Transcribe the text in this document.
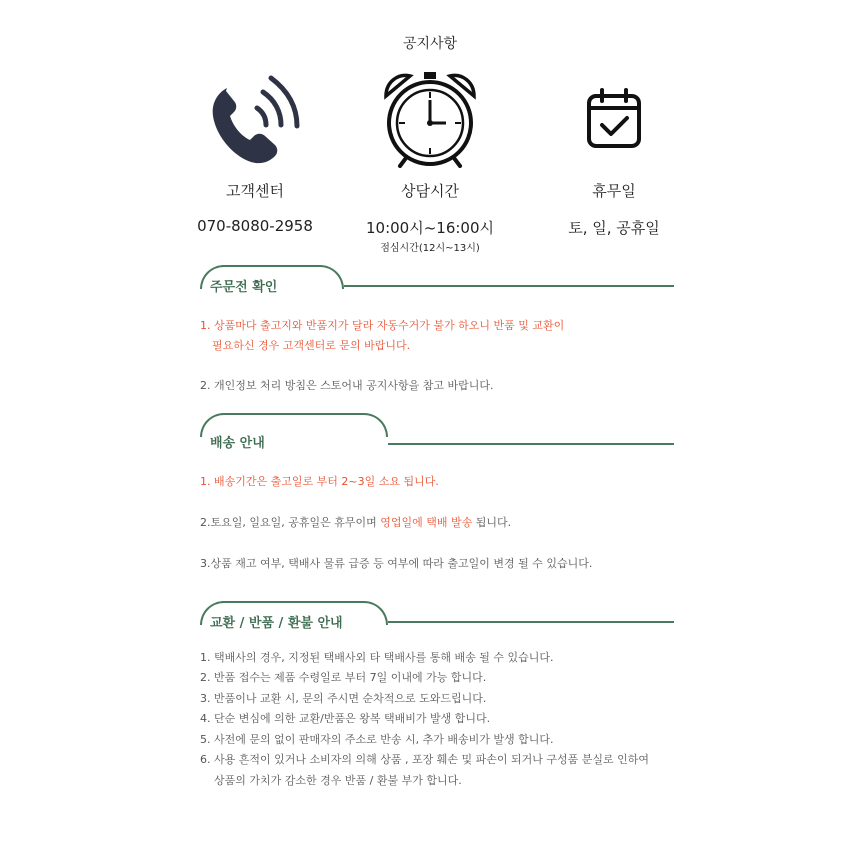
공지사항
고객센터	상담시간	휴무일
070-8080-2958	10:00시~16:00시
점심시간(12시~13시)
토, 일, 공휴일
주문전 확인
1. 상품마다 출고지와 반품지가 달라 자동수거가 불가 하오니 반품 및 교환이
필요하신 경우 고객센터로 문의 바랍니다.
2. 개인정보 처리 방침은 스토어내 공지사항을 참고 바랍니다.
배송 안내
1. 배송기간은 출고일로 부터 2~3일 소요 됩니다.
2.토요일, 일요일, 공휴일은 휴무이며 영업일에 택배 발송 됩니다.
3.상품 재고 여부, 택배사 물류 급증 등 여부에 따라 출고일이 변경 될 수 있습니다.
교환 / 반품 / 환불 안내
1. 택배사의 경우, 지정된 택배사외 타 택배사를 통해 배송 될 수 있습니다.
2. 반품 접수는 제품 수령일로 부터 7일 이내에 가능 합니다.
3. 반품이나 교환 시, 문의 주시면 순차적으로 도와드립니다.
4. 단순 변심에 의한 교환/반품은 왕복 택배비가 발생 합니다.
5. 사전에 문의 없이 판매자의 주소로 반송 시, 추가 배송비가 발생 합니다.
6. 사용 흔적이 있거나 소비자의 의해 상품 , 포장 훼손 및 파손이 되거나 구성품 분실로 인하여
상품의 가치가 감소한 경우 반품 / 환불 부가 합니다.
